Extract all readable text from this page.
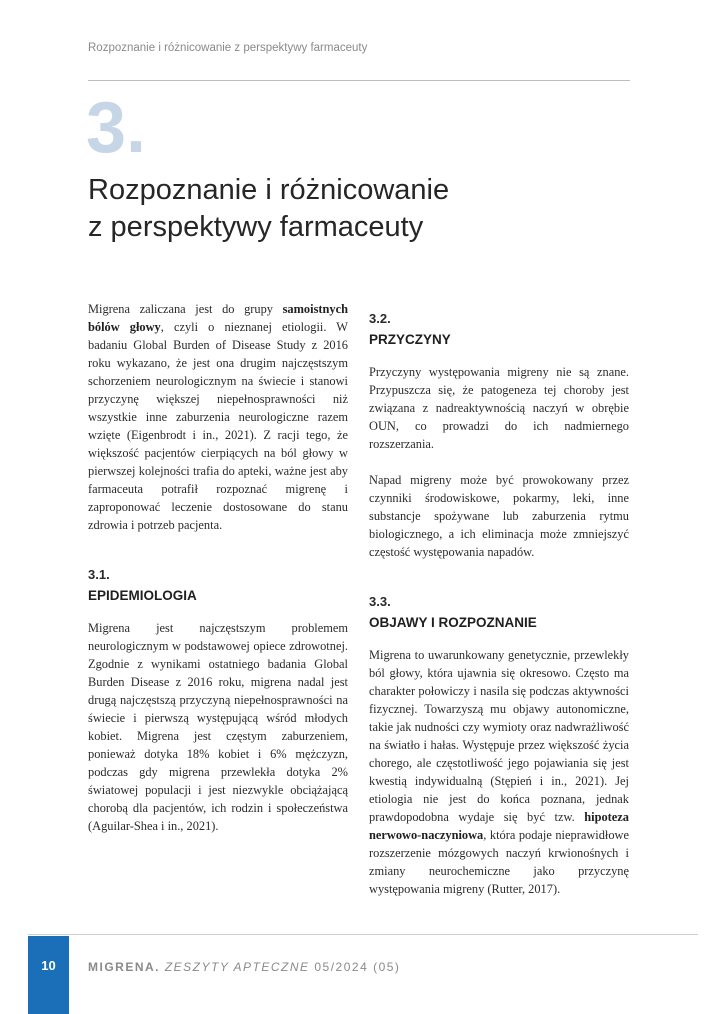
Rozpoznanie i różnicowanie z perspektywy farmaceuty
3.
Rozpoznanie i różnicowanie
z perspektywy farmaceuty

Migrena zaliczana jest do grupy samoistnych bólów głowy, czyli o nieznanej etiologii. W badaniu Global Burden of Disease Study z 2016 roku wykazano, że jest ona drugim najczęstszym schorzeniem neurologicznym na świecie i stanowi przyczynę większej niepełnosprawności niż wszystkie inne zaburzenia neurologiczne razem wzięte (Eigenbrodt i in., 2021). Z racji tego, że większość pacjentów cierpiących na ból głowy w pierwszej kolejności trafia do apteki, ważne jest aby farmaceuta potrafił rozpoznać migrenę i zaproponować leczenie dostosowane do stanu zdrowia i potrzeb pacjenta.

3.1.
EPIDEMIOLOGIA

Migrena jest najczęstszym problemem neurologicznym w podstawowej opiece zdrowotnej. Zgodnie z wynikami ostatniego badania Global Burden Disease z 2016 roku, migrena nadal jest drugą najczęstszą przyczyną niepełnosprawności na świecie i pierwszą występującą wśród młodych kobiet. Migrena jest częstym zaburzeniem, ponieważ dotyka 18% kobiet i 6% mężczyzn, podczas gdy migrena przewlekła dotyka 2% światowej populacji i jest niezwykle obciążającą chorobą dla pacjentów, ich rodzin i społeczeństwa (Aguilar-Shea i in., 2021).

3.2.
PRZYCZYNY

Przyczyny występowania migreny nie są znane. Przypuszcza się, że patogeneza tej choroby jest związana z nadreaktywnością naczyń w obrębie OUN, co prowadzi do ich nadmiernego rozszerzania.

Napad migreny może być prowokowany przez czynniki środowiskowe, pokarmy, leki, inne substancje spożywane lub zaburzenia rytmu biologicznego, a ich eliminacja może zmniejszyć częstość występowania napadów.

3.3.
OBJAWY I ROZPOZNANIE

Migrena to uwarunkowany genetycznie, przewlekły ból głowy, która ujawnia się okresowo. Często ma charakter połowiczy i nasila się podczas aktywności fizycznej. Towarzyszą mu objawy autonomiczne, takie jak nudności czy wymioty oraz nadwrażliwość na światło i hałas. Występuje przez większość życia chorego, ale częstotliwość jego pojawiania się jest kwestią indywidualną (Stępień i in., 2021). Jej etiologia nie jest do końca poznana, jednak prawdopodobna wydaje się być tzw. hipoteza nerwowo-naczyniowa, która podaje nieprawidłowe rozszerzenie mózgowych naczyń krwionośnych i zmiany neurochemiczne jako przyczynę występowania migreny (Rutter, 2017).

10	MIGRENA. ZESZYTY APTECZNE 05/2024 (05)
